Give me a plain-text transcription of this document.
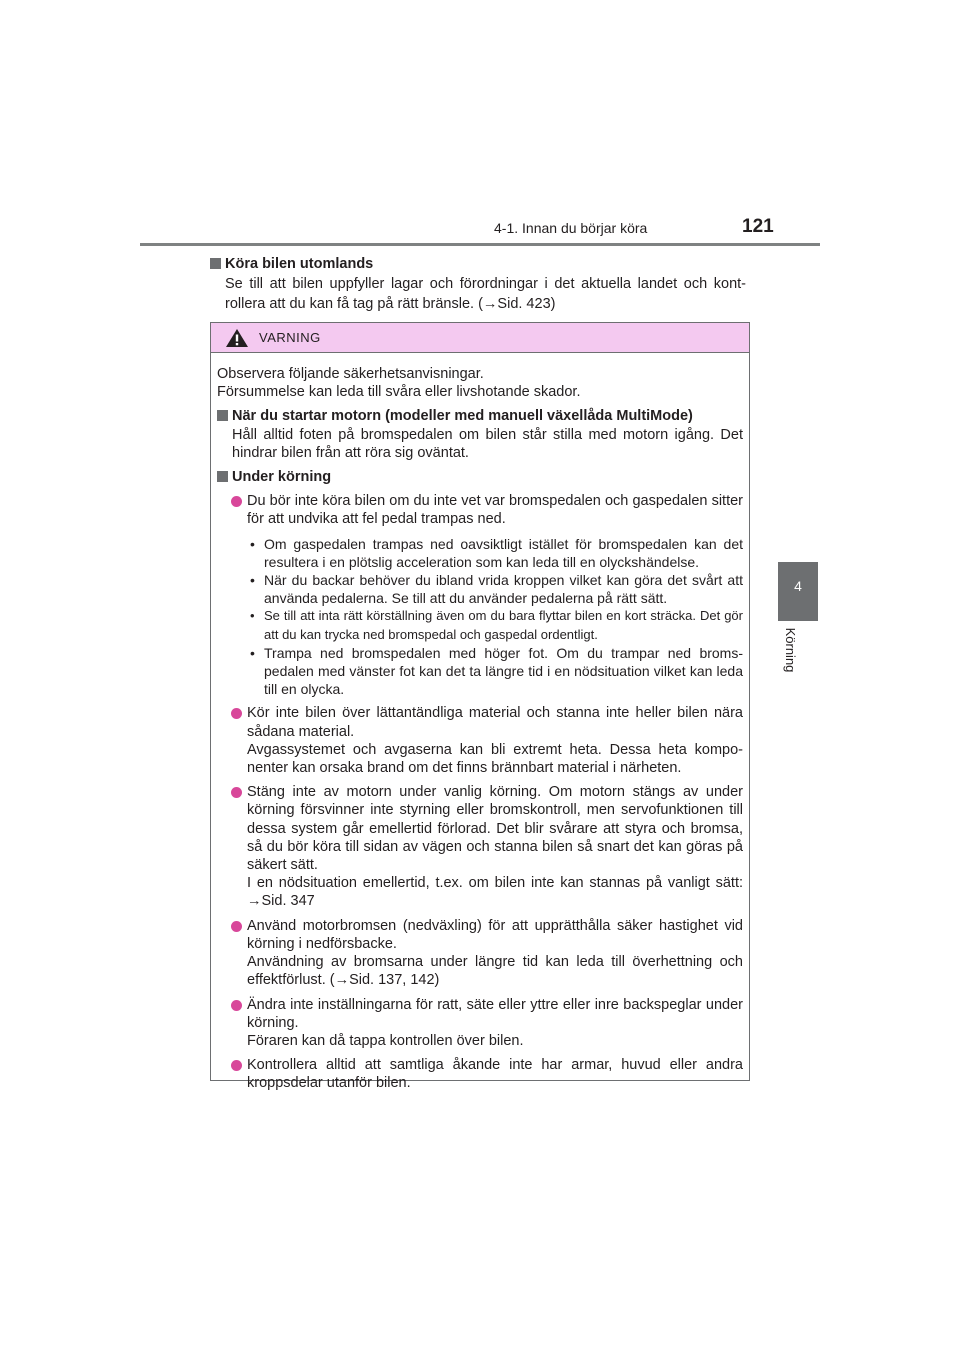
4-1. Innan du börjar köra	121
4
Körning
Köra bilen utomlands
Se till att bilen uppfyller lagar och förordningar i det aktuella landet och kont-rollera att du kan få tag på rätt bränsle. (→Sid. 423)
VARNING

Observera följande säkerhetsanvisningar.

Försummelse kan leda till svåra eller livshotande skador.

När du startar motorn (modeller med manuell växellåda MultiMode)
Håll alltid foten på bromspedalen om bilen står stilla med motorn igång. Det hindrar bilen från att röra sig oväntat.
Under körning
Du bör inte köra bilen om du inte vet var bromspedalen och gaspedalen sitter för att undvika att fel pedal trampas ned.
• Om gaspedalen trampas ned oavsiktligt istället för bromspedalen kan det resultera i en plötslig acceleration som kan leda till en olyckshändelse.
• När du backar behöver du ibland vrida kroppen vilket kan göra det svårt att använda pedalerna. Se till att du använder pedalerna på rätt sätt.
• Se till att inta rätt körställning även om du bara flyttar bilen en kort sträcka. Det gör att du kan trycka ned bromspedal och gaspedal ordentligt.
• Trampa ned bromspedalen med höger fot. Om du trampar ned broms-pedalen med vänster fot kan det ta längre tid i en nödsituation vilket kan leda till en olycka.
Kör inte bilen över lättantändliga material och stanna inte heller bilen nära sådana material.
Avgassystemet och avgaserna kan bli extremt heta. Dessa heta kompo-nenter kan orsaka brand om det finns brännbart material i närheten.
Stäng inte av motorn under vanlig körning. Om motorn stängs av under körning försvinner inte styrning eller bromskontroll, men servofunktionen till dessa system går emellertid förlorad. Det blir svårare att styra och bromsa, så du bör köra till sidan av vägen och stanna bilen så snart det kan göras på säkert sätt.
I en nödsituation emellertid, t.ex. om bilen inte kan stannas på vanligt sätt: →Sid. 347
Använd motorbromsen (nedväxling) för att upprätthålla säker hastighet vid körning i nedförsbacke.
Användning av bromsarna under längre tid kan leda till överhettning och effektförlust. (→Sid. 137, 142)
Ändra inte inställningarna för ratt, säte eller yttre eller inre backspeglar under körning.
Föraren kan då tappa kontrollen över bilen.
Kontrollera alltid att samtliga åkande inte har armar, huvud eller andra kroppsdelar utanför bilen.
